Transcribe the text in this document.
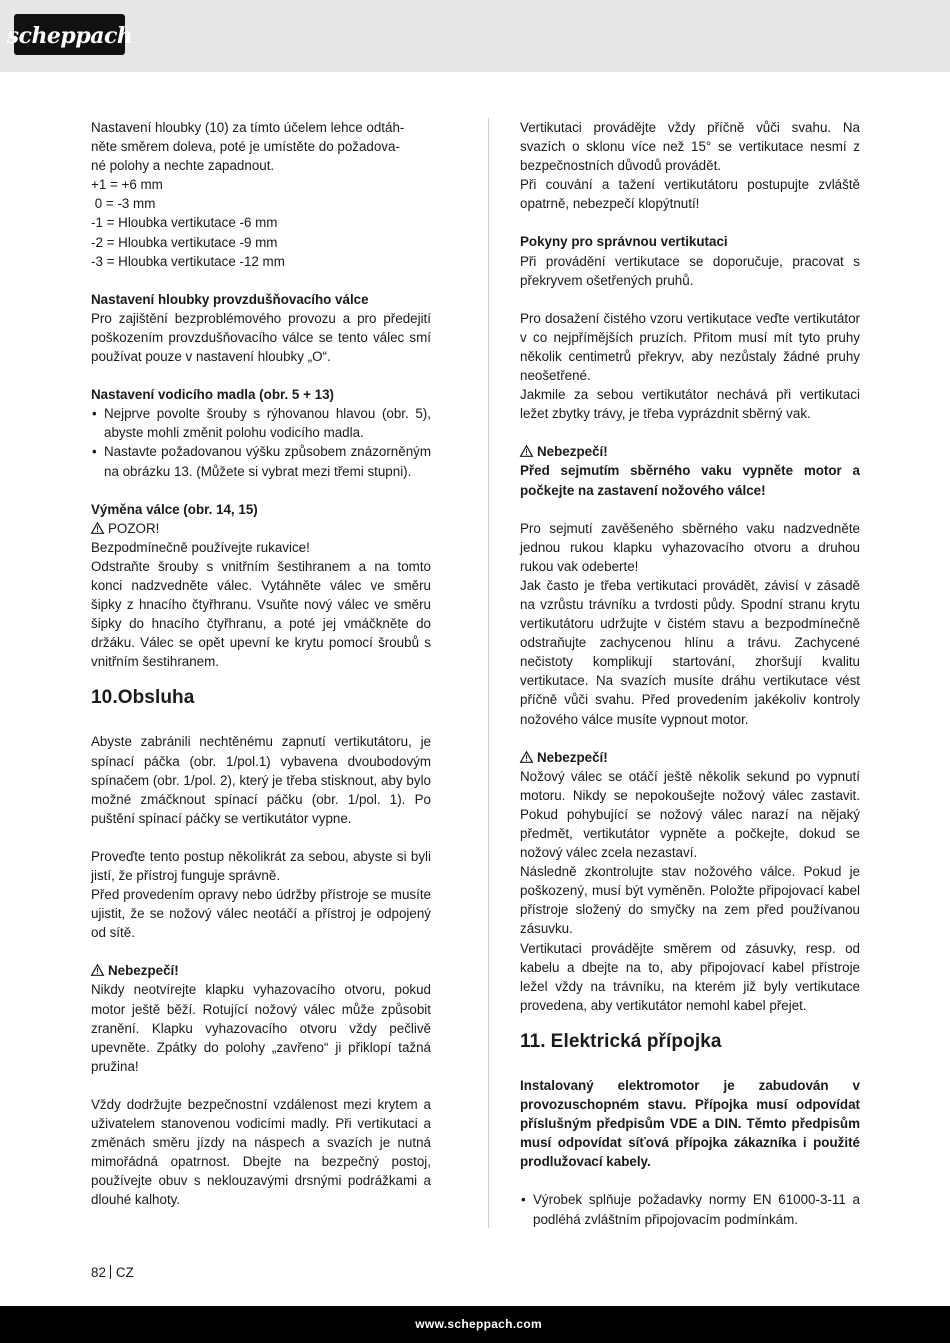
scheppach

Nastavení hloubky (10) za tímto účelem lehce odtáh-

něte směrem doleva, poté je umístěte do požadova-

né polohy a nechte zapadnout.

+1 = +6 mm

0 = -3 mm

-1 = Hloubka vertikutace -6 mm

-2 = Hloubka vertikutace -9 mm

-3 = Hloubka vertikutace -12 mm

Nastavení hloubky provzdušňovacího válce

Pro zajištění bezproblémového provozu a pro předejití poškozením provzdušňovacího válce se tento válec smí používat pouze v nastavení hloubky „O“.

Nastavení vodicího madla (obr. 5 + 13)

• Nejprve povolte šrouby s rýhovanou hlavou (obr. 5), abyste mohli změnit polohu vodicího madla.
• Nastavte požadovanou výšku způsobem znázorněným na obrázku 13. (Můžete si vybrat mezi třemi stupni).

Výměna válce (obr. 14, 15)

POZOR!

Bezpodmínečně používejte rukavice!

Odstraňte šrouby s vnitřním šestihranem a na tomto konci nadzvedněte válec. Vytáhněte válec ve směru šipky z hnacího čtyřhranu. Vsuňte nový válec ve směru šipky do hnacího čtyřhranu, a poté jej vmáčkněte do držáku. Válec se opět upevní ke krytu pomocí šroubů s vnitřním šestihranem.

10.Obsluha

Abyste zabránili nechtěnému zapnutí vertikutátoru, je spínací páčka (obr. 1/pol.1) vybavena dvoubodovým spínačem (obr. 1/pol. 2), který je třeba stisknout, aby bylo možné zmáčknout spínací páčku (obr. 1/pol. 1). Po puštění spínací páčky se vertikutátor vypne.

Proveďte tento postup několikrát za sebou, abyste si byli jistí, že přístroj funguje správně.

Před provedením opravy nebo údržby přístroje se musíte ujistit, že se nožový válec neotáčí a přístroj je odpojený od sítě.

Nebezpečí!

Nikdy neotvírejte klapku vyhazovacího otvoru, pokud motor ještě běží. Rotující nožový válec může způsobit zranění. Klapku vyhazovacího otvoru vždy pečlivě upevněte. Zpátky do polohy „zavřeno“ ji přiklopí tažná pružina!

Vždy dodržujte bezpečnostní vzdálenost mezi krytem a uživatelem stanovenou vodicími madly. Při vertikutaci a změnách směru jízdy na náspech a svazích je nutná mimořádná opatrnost. Dbejte na bezpečný postoj, používejte obuv s neklouzavými drsnými podrážkami a dlouhé kalhoty.

Vertikutaci provádějte vždy příčně vůči svahu. Na svazích o sklonu více než 15° se vertikutace nesmí z bezpečnostních důvodů provádět.

Při couvání a tažení vertikutátoru postupujte zvláště opatrně, nebezpečí klopýtnutí!

Pokyny pro správnou vertikutaci

Při provádění vertikutace se doporučuje, pracovat s překryvem ošetřených pruhů.

Pro dosažení čistého vzoru vertikutace veďte vertikutátor v co nejpřímějších pruzích. Přitom musí mít tyto pruhy několik centimetrů překryv, aby nezůstaly žádné pruhy neošetřené.

Jakmile za sebou vertikutátor nechává při vertikutaci ležet zbytky trávy, je třeba vyprázdnit sběrný vak.

Nebezpečí!

Před sejmutím sběrného vaku vypněte motor a počkejte na zastavení nožového válce!

Pro sejmutí zavěšeného sběrného vaku nadzvedněte jednou rukou klapku vyhazovacího otvoru a druhou rukou vak odeberte!

Jak často je třeba vertikutaci provádět, závisí v zásadě na vzrůstu trávníku a tvrdosti půdy. Spodní stranu krytu vertikutátoru udržujte v čistém stavu a bezpodmínečně odstraňujte zachycenou hlínu a trávu. Zachycené nečistoty komplikují startování, zhoršují kvalitu vertikutace. Na svazích musíte dráhu vertikutace vést příčně vůči svahu. Před provedením jakékoliv kontroly nožového válce musíte vypnout motor.

Nebezpečí!

Nožový válec se otáčí ještě několik sekund po vypnutí motoru. Nikdy se nepokoušejte nožový válec zastavit. Pokud pohybující se nožový válec narazí na nějaký předmět, vertikutátor vypněte a počkejte, dokud se nožový válec zcela nezastaví.

Následně zkontrolujte stav nožového válce. Pokud je poškozený, musí být vyměněn. Položte připojovací kabel přístroje složený do smyčky na zem před používanou zásuvku.

Vertikutaci provádějte směrem od zásuvky, resp. od kabelu a dbejte na to, aby připojovací kabel přístroje ležel vždy na trávníku, na kterém již byly vertikutace provedena, aby vertikutátor nemohl kabel přejet.

11. Elektrická přípojka

Instalovaný elektromotor je zabudován v provozuschopném stavu. Přípojka musí odpovídat příslušným předpisům VDE a DIN. Těmto předpisům musí odpovídat síťová přípojka zákazníka i použité prodlužovací kabely.

• Výrobek splňuje požadavky normy EN 61000-3-11 a podléhá zvláštním připojovacím podmínkám.
82 CZ
www.scheppach.com
